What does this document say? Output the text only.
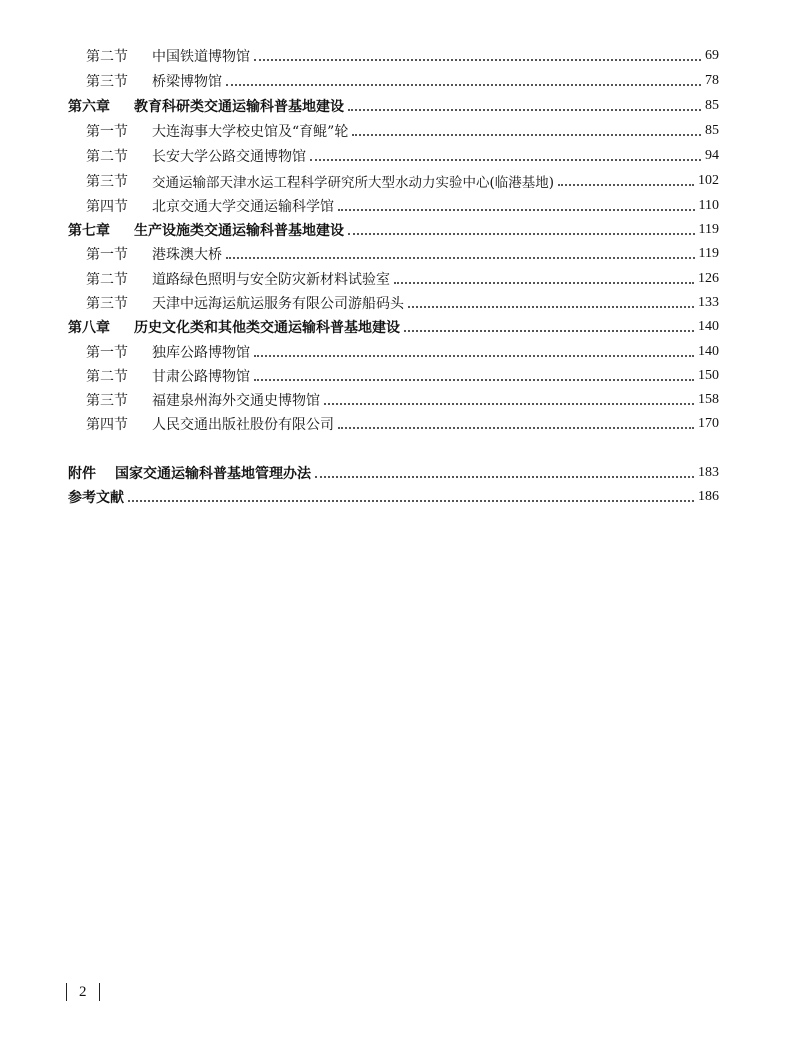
第二节	中国铁道博物馆	69
第三节	桥梁博物馆	78
第六章	教育科研类交通运输科普基地建设	85
第一节	大连海事大学校史馆及“育鲲”轮	85
第二节	长安大学公路交通博物馆	94
第三节	交通运输部天津水运工程科学研究所大型水动力实验中心(临港基地)	102
第四节	北京交通大学交通运输科学馆	110
第七章	生产设施类交通运输科普基地建设	119
第一节	港珠澳大桥	119
第二节	道路绿色照明与安全防灾新材料试验室	126
第三节	天津中远海运航运服务有限公司游船码头	133
第八章	历史文化类和其他类交通运输科普基地建设	140
第一节	独库公路博物馆	140
第二节	甘肃公路博物馆	150
第三节	福建泉州海外交通史博物馆	158
第四节	人民交通出版社股份有限公司	170
附件	国家交通运输科普基地管理办法	183
参考文献	186
2
